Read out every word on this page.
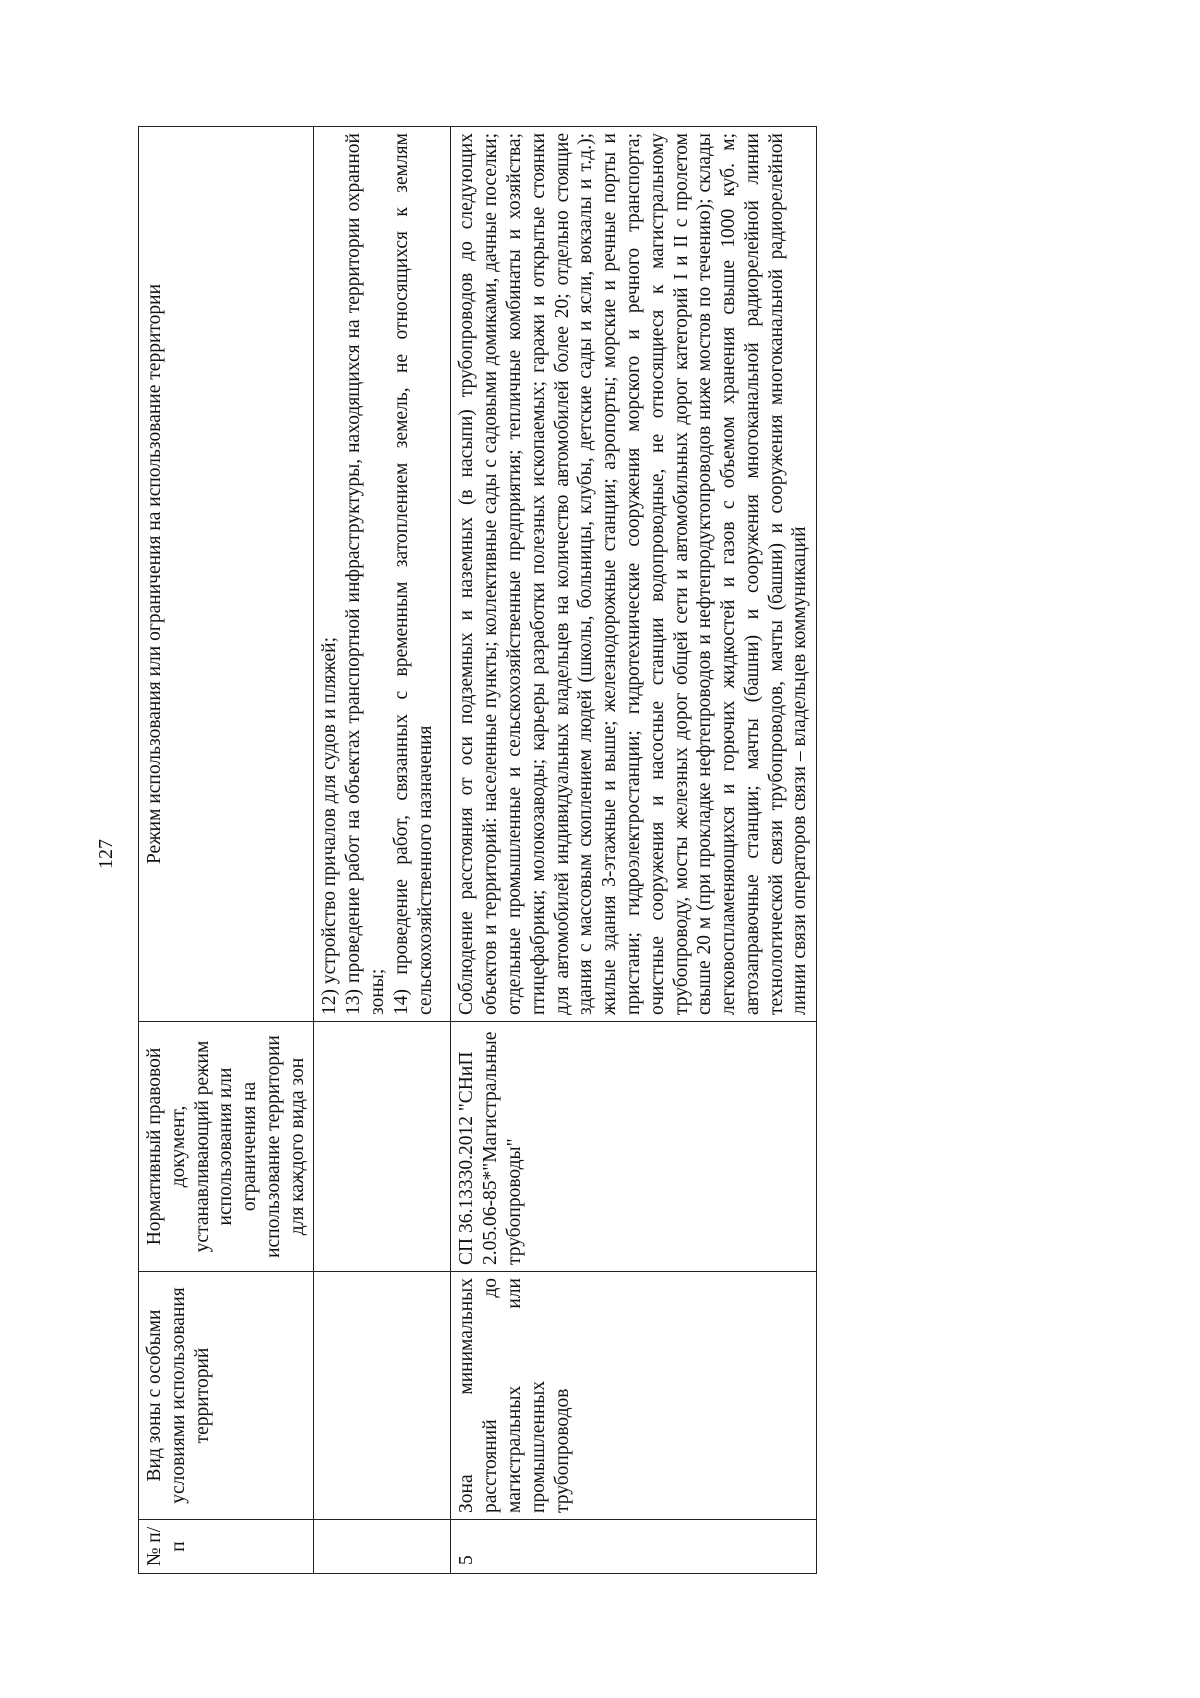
127
№ п/п	Вид зоны с особыми условиями использования территорий	Нормативный правовой документ, устанавливающий режим использования или ограничения на использование территории для каждого вида зон	Режим использования или ограничения на использование территории

			12) устройство причалов для судов и пляжей; 13) проведение работ на объектах транспортной инфраструктуры, находящихся на территории охранной зоны; 14) проведение работ, связанных с временным затоплением земель, не относящихся к землям сельскохозяйственного назначения

5	Зона минимальных расстояний до магистральных или промышленных трубопроводов	СП 36.13330.2012 "СНиП 2.05.06-85*"Магистральные трубопроводы"	Соблюдение расстояния от оси подземных и наземных (в насыпи) трубопроводов до следующих объектов и территорий: населенные пункты; коллективные сады с садовыми домиками, дачные поселки; отдельные промышленные и сельскохозяйственные предприятия; тепличные комбинаты и хозяйства; птицефабрики; молокозаводы; карьеры разработки полезных ископаемых; гаражи и открытые стоянки для автомобилей индивидуальных владельцев на количество автомобилей более 20; отдельно стоящие здания с массовым скоплением людей (школы, больницы, клубы, детские сады и ясли, вокзалы и т.д.); жилые здания 3-этажные и выше; железнодорожные станции; аэропорты; морские и речные порты и пристани; гидроэлектростанции; гидротехнические сооружения морского и речного транспорта; очистные сооружения и насосные станции водопроводные, не относящиеся к магистральному трубопроводу, мосты железных дорог общей сети и автомобильных дорог категорий I и II с пролетом свыше 20 м (при прокладке нефтепроводов и нефтепродуктопроводов ниже мостов по течению); склады легковоспламеняющихся и горючих жидкостей и газов с объемом хранения свыше 1000 куб. м; автозаправочные станции; мачты (башни) и сооружения многоканальной радиорелейной линии технологической связи трубопроводов, мачты (башни) и сооружения многоканальной радиорелейной линии связи операторов связи – владельцев коммуникаций
